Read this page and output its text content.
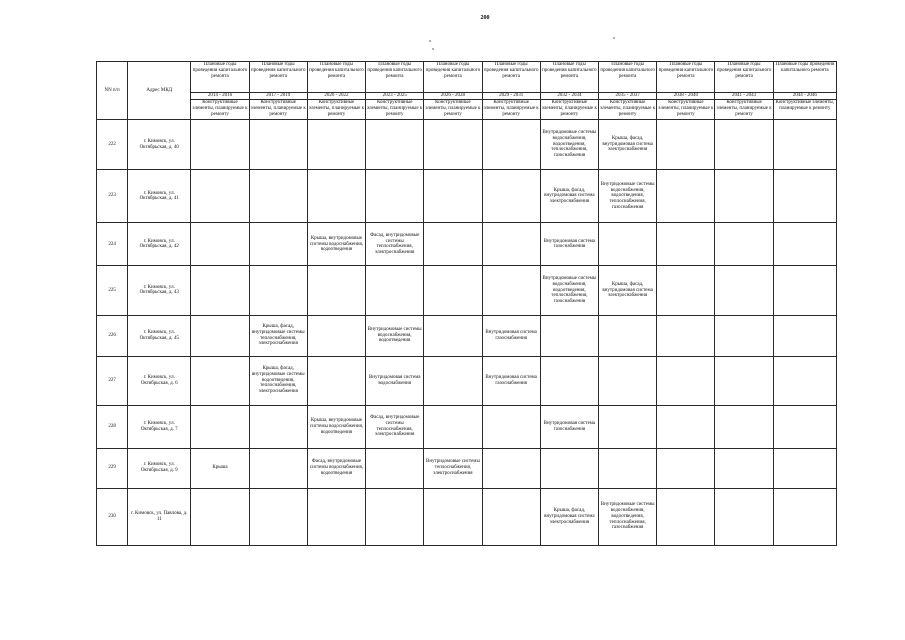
200
NN п/п	Адрес МКД	Плановые годы проведения капитального ремонта	Плановые годы проведения капитального ремонта	Плановые годы проведения капитального ремонта	Плановые годы проведения капитального ремонта	Плановые годы проведения капитального ремонта	Плановые годы проведения капитального ремонта	Плановые годы проведения капитального ремонта	Плановые годы проведения капитального ремонта	Плановые годы проведения капитального ремонта	Плановые годы проведения капитального ремонта	Плановые годы проведения капитального ремонта
		2014 - 2016	2017 - 2019	2020 - 2022	2023 - 2025	2026 - 2028	2029 - 2031	2032 - 2034	2035 - 2037	2038 - 2040	2041 - 2043	2044 - 2046
		Конструктивные элементы, планируемые к ремонту	Конструктивные элементы, планируемые к ремонту	Конструктивные элементы, планируемые к ремонту	Конструктивные элементы, планируемые к ремонту	Конструктивные элементы, планируемые к ремонту	Конструктивные элементы, планируемые к ремонту	Конструктивные элементы, планируемые к ремонту	Конструктивные элементы, планируемые к ремонту	Конструктивные элементы, планируемые к ремонту	Конструктивные элементы, планируемые к ремонту	Конструктивные элементы, планируемые к ремонту
222	г. Кимовск, ул. Октябрьская, д. 40							Внутридомовые системы водоснабжения, водоотведения, теплоснабжения, газоснабжения	Крыша, фасад, внутридомовая система электроснабжения			
223	г. Кимовск, ул. Октябрьская, д. 41							Крыша, фасад, внутридомовая система электроснабжения	Внутридомовые системы водоснабжения, водоотведения, теплоснабжения, газоснабжения			
224	г. Кимовск, ул. Октябрьская, д. 42			Крыша, внутридомовые системы водоснабжения, водоотведения	Фасад, внутридомовые системы теплоснабжения, электроснабжения			Внутридомовая система газоснабжения				
225	г. Кимовск, ул. Октябрьская, д. 43							Внутридомовые системы водоснабжения, водоотведения, теплоснабжения, газоснабжения	Крыша, фасад, внутридомовая система электроснабжения			
226	г. Кимовск, ул. Октябрьская, д. 45		Крыша, фасад, внутридомовые системы теплоснабжения, электроснабжения		Внутридомовые системы водоснабжения, водоотведения		Внутридомовая система газоснабжения					
227	г. Кимовск, ул. Октябрьская, д. 6		Крыша, фасад, внутридомовые системы водоотведения, теплоснабжения, электроснабжения		Внутридомовая система водоснабжения		Внутридомовая система газоснабжения					
228	г. Кимовск, ул. Октябрьская, д. 7			Крыша, внутридомовые системы водоснабжения, водоотведения	Фасад, внутридомовые системы теплоснабжения, электроснабжения			Внутридомовая система газоснабжения				
229	г. Кимовск, ул. Октябрьская, д. 9	Крыша		Фасад, внутридомовые системы водоснабжения, водоотведения		Внутридомовые системы теплоснабжения, электроснабжения						
230	г. Кимовск, ул. Павлова, д. 11							Крыша, фасад, внутридомовая система электроснабжения	Внутридомовые системы водоснабжения, водоотведения, теплоснабжения, газоснабжения			
